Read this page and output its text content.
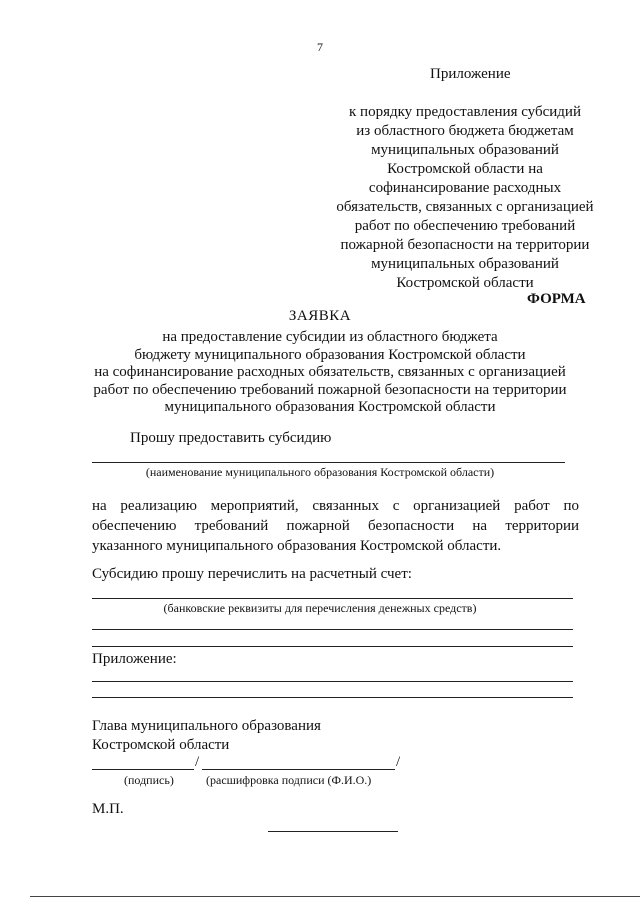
7
Приложение
к порядку предоставления субсидий
из областного бюджета бюджетам
муниципальных образований
Костромской области на
софинансирование расходных
обязательств, связанных с организацией
работ по обеспечению требований
пожарной безопасности на территории
муниципальных образований
Костромской области
ФОРМА
ЗАЯВКА
на предоставление субсидии из областного бюджета
бюджету муниципального образования Костромской области
на софинансирование расходных обязательств, связанных с организацией
работ по обеспечению требований пожарной безопасности на территории
муниципального образования Костромской области
Прошу предоставить субсидию
(наименование муниципального образования Костромской области)
на реализацию мероприятий, связанных с организацией работ по
обеспечению требований пожарной безопасности на территории
указанного муниципального образования Костромской области.
Субсидию прошу перечислить на расчетный счет:
(банковские реквизиты для перечисления денежных средств)
Приложение:
Глава муниципального образования
Костромской области
/	/
(подпись)	(расшифровка подписи (Ф.И.О.)
М.П.
